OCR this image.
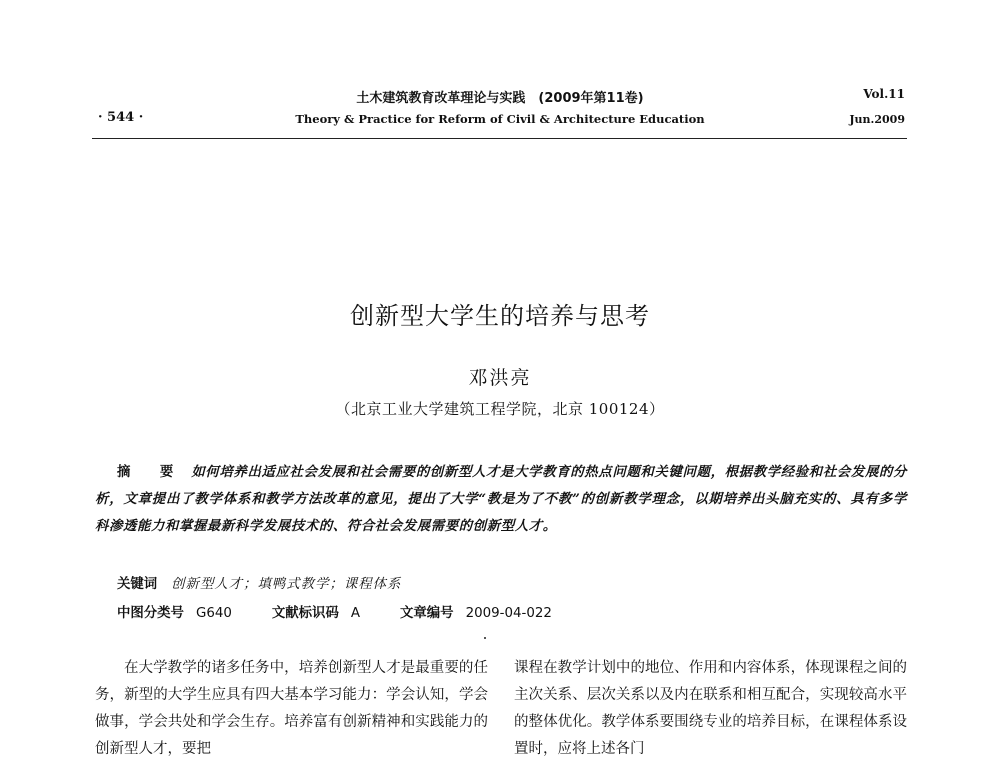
土木建筑教育改革理论与实践　(2009年第11卷)
Theory & Practice for Reform of Civil & Architecture Education
· 544 ·
Vol.11
Jun.2009
创新型大学生的培养与思考
邓洪亮
（北京工业大学建筑工程学院，北京 100124）
摘　要 如何培养出适应社会发展和社会需要的创新型人才是大学教育的热点问题和关键问题，根据教学经验和社会发展的分析，文章提出了教学体系和教学方法改革的意见，提出了大学“教是为了不教”的创新教学理念，以期培养出头脑充实的、具有多学科渗透能力和掌握最新科学发展技术的、符合社会发展需要的创新型人才。
关键词 创新型人才；填鸭式教学；课程体系
中图分类号 G640	文献标识码 A	文章编号 2009-04-022

在大学教学的诸多任务中，培养创新型人才是最重要的任务，新型的大学生应具有四大基本学习能力：学会认知，学会做事，学会共处和学会生存。培养富有创新精神和实践能力的创新型人才，要把

课程在教学计划中的地位、作用和内容体系，体现课程之间的主次关系、层次关系以及内在联系和相互配合，实现较高水平的整体优化。教学体系要围绕专业的培养目标，在课程体系设置时，应将上述各门
